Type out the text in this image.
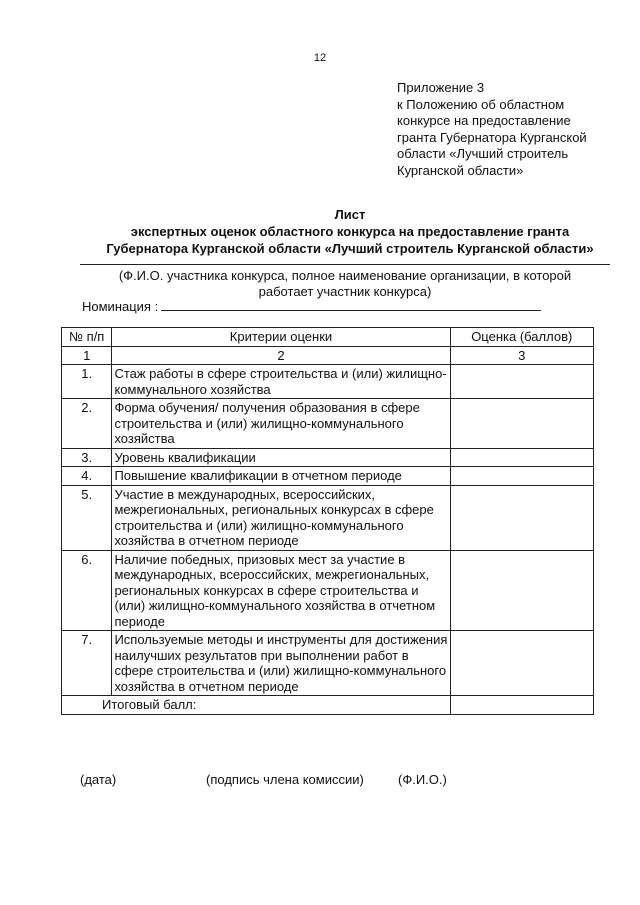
12
Приложение 3
к Положению об областном
конкурсе на предоставление
гранта Губернатора Курганской
области «Лучший строитель
Курганской области»
Лист
экспертных оценок областного конкурса на предоставление гранта
Губернатора Курганской области «Лучший строитель Курганской области»
(Ф.И.О. участника конкурса, полное наименование организации, в которой
работает участник конкурса)
Номинация :
№ п/п	Критерии оценки	Оценка (баллов)
1	2	3
1.	Стаж работы в сфере строительства и (или) жилищно-коммунального хозяйства	
2.	Форма обучения/ получения образования в сфере строительства и (или) жилищно-коммунального хозяйства	
3.	Уровень квалификации	
4.	Повышение квалификации в отчетном периоде	
5.	Участие в международных, всероссийских, межрегиональных, региональных конкурсах в сфере строительства и (или) жилищно-коммунального хозяйства в отчетном периоде	
6.	Наличие победных, призовых мест за участие в международных, всероссийских, межрегиональных, региональных конкурсах в сфере строительства и (или) жилищно-коммунального хозяйства в отчетном периоде	
7.	Используемые методы и инструменты для достижения наилучших результатов при выполнении работ в сфере строительства и (или) жилищно-коммунального хозяйства в отчетном периоде	
Итоговый балл:		
(дата)	(подпись члена комиссии)	(Ф.И.О.)
